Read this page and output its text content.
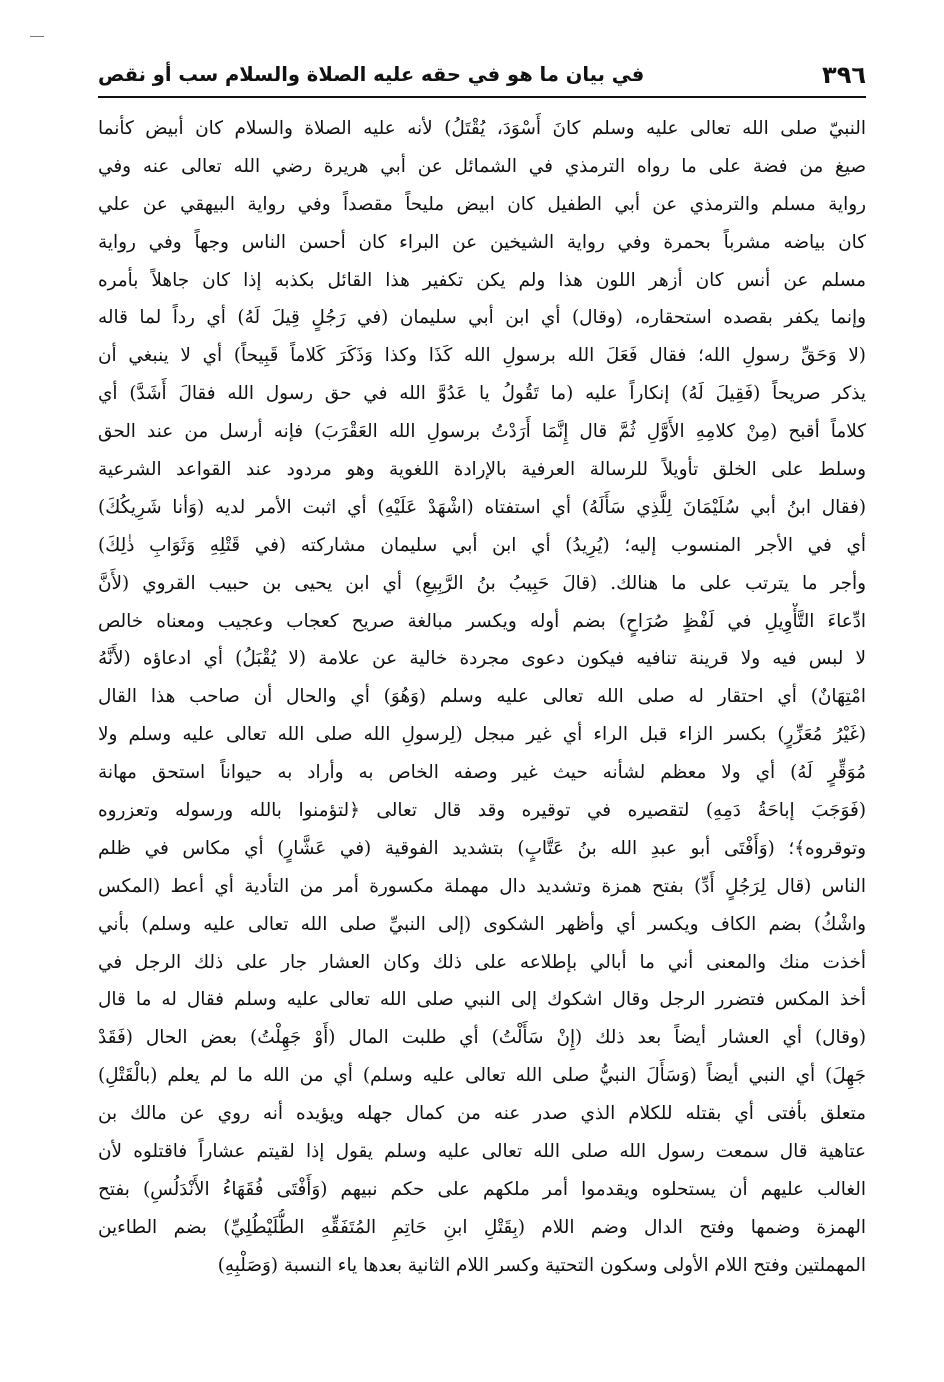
٣٩٦
في بيان ما هو في حقه عليه الصلاة والسلام سب أو نقص
النبيّ صلى الله تعالى عليه وسلم كانَ أَسْوَدَ، يُقْتَلُ) لأنه عليه الصلاة والسلام كان أبيض كأنما
صيغ من فضة على ما رواه الترمذي في الشمائل عن أبي هريرة رضي الله تعالى عنه وفي
رواية مسلم والترمذي عن أبي الطفيل كان ابيض مليحاً مقصداً وفي رواية البيهقي عن علي
كان بياضه مشرباً بحمرة وفي رواية الشيخين عن البراء كان أحسن الناس وجهاً وفي رواية
مسلم عن أنس كان أزهر اللون هذا ولم يكن تكفير هذا القائل بكذبه إذا كان جاهلاً بأمره
وإنما يكفر بقصده استحقاره، (وقال) أي ابن أبي سليمان (في رَجُلٍ قِيلَ لَهُ) أي رداً لما قاله
(لا وَحَقِّ رسولِ الله؛ فقال فَعَلَ الله برسولِ الله كَذَا وكذا وَذَكَرَ كَلاماً قَبِيحاً) أي لا ينبغي أن
يذكر صريحاً (فَقِيلَ لَهُ) إنكاراً عليه (ما تَقُولُ يا عَدُوَّ الله في حق رسول الله فقالَ أَشَدَّ) أي
كلاماً أقبح (مِنْ كلامِهِ الأَوَّلِ ثُمَّ قال إِنَّمَا أَرَدْتُ برسولِ الله العَقْرَبَ) فإنه أرسل من عند الحق
وسلط على الخلق تأويلاً للرسالة العرفية بالإرادة اللغوية وهو مردود عند القواعد الشرعية
(فقال ابنُ أبي سُلَيْمَانَ لِلَّذِي سَأَلَهُ) أي استفتاه (اشْهَدْ عَلَيْهِ) أي اثبت الأمر لديه (وَأنا شَرِيكُكَ)
أي في الأجر المنسوب إليه؛ (يُرِيدُ) أي ابن أبي سليمان مشاركته (في قَتْلِهِ وَثَوَابِ ذٰلِكَ)
وأجر ما يترتب على ما هنالك. (قالَ حَبِيبُ بنُ الرَّبِيعِ) أي ابن يحيى بن حبيب القروي (لأَنَّ
ادِّعاءَ التَّأْوِيلِ في لَفْظٍ صُرَاحٍ) بضم أوله ويكسر مبالغة صريح كعجاب وعجيب ومعناه خالص
لا لبس فيه ولا قرينة تنافيه فيكون دعوى مجردة خالية عن علامة (لا يُقْبَلُ) أي ادعاؤه (لأَنَّهُ
امْتِهَانٌ) أي احتقار له صلى الله تعالى عليه وسلم (وَهُوَ) أي والحال أن صاحب هذا القال
(غَيْرُ مُعَزِّرٍ) بكسر الزاء قبل الراء أي غير مبجل (لِرسولِ الله صلى الله تعالى عليه وسلم ولا
مُوَقِّرٍ لَهُ) أي ولا معظم لشأنه حيث غير وصفه الخاص به وأراد به حيواناً استحق مهانة
(فَوَجَبَ إباحَةُ دَمِهِ) لتقصيره في توقيره وقد قال تعالى ﴿لتؤمنوا بالله ورسوله وتعزروه
وتوقروه﴾؛ (وَأَفْتَى أبو عبدِ الله بنُ عَتَّابٍ) بتشديد الفوقية (في عَشَّارٍ) أي مكاس في ظلم
الناس (قال لِرَجُلٍ أَدِّ) بفتح همزة وتشديد دال مهملة مكسورة أمر من التأدية أي أعط (المكس
واشْكُ) بضم الكاف ويكسر أي وأظهر الشكوى (إلى النبيِّ صلى الله تعالى عليه وسلم) بأني
أخذت منك والمعنى أني ما أبالي بإطلاعه على ذلك وكان العشار جار على ذلك الرجل في
أخذ المكس فتضرر الرجل وقال اشكوك إلى النبي صلى الله تعالى عليه وسلم فقال له ما قال
(وقال) أي العشار أيضاً بعد ذلك (إِنْ سَأَلْتُ) أي طلبت المال (أَوْ جَهِلْتُ) بعض الحال (فَقَدْ
جَهِلَ) أي النبي أيضاً (وَسَأَلَ النبيُّ صلى الله تعالى عليه وسلم) أي من الله ما لم يعلم (بالْقَتْلِ)
متعلق بأفتى أي بقتله للكلام الذي صدر عنه من كمال جهله ويؤيده أنه روي عن مالك بن
عتاهية قال سمعت رسول الله صلى الله تعالى عليه وسلم يقول إذا لقيتم عشاراً فاقتلوه لأن
الغالب عليهم أن يستحلوه ويقدموا أمر ملكهم على حكم نبيهم (وَأَفْتَى فُقَهَاءُ الأَنْدَلُسِ) بفتح
الهمزة وضمها وفتح الدال وضم اللام (بِقَتْلِ ابنِ حَاتِمِ المُتَفَقِّهِ الطُّلَيْطُلِيِّ) بضم الطاءين
المهملتين وفتح اللام الأولى وسكون التحتية وكسر اللام الثانية بعدها ياء النسبة (وَصَلْبِهِ)
